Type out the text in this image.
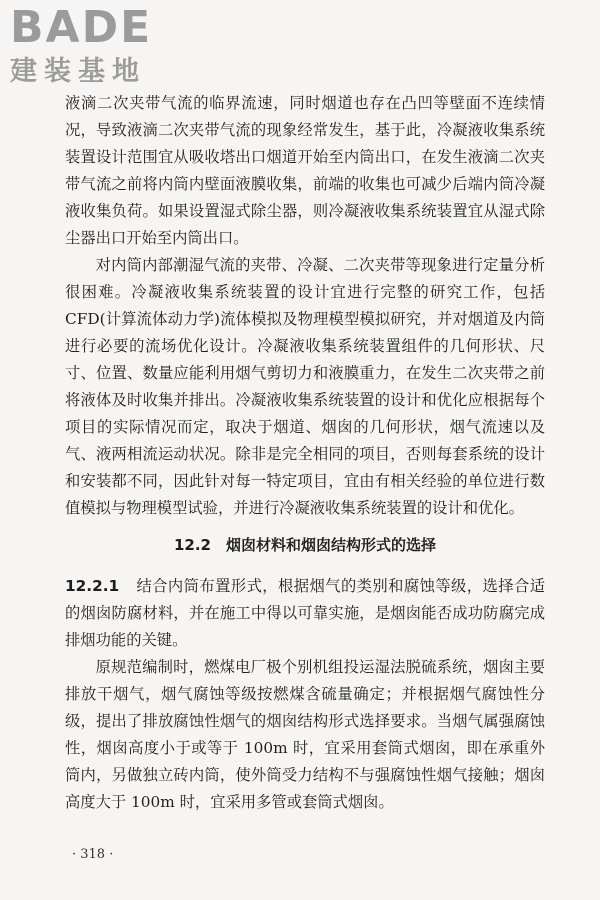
BADE
建装基地

液滴二次夹带气流的临界流速，同时烟道也存在凸凹等壁面不连续情况，导致液滴二次夹带气流的现象经常发生，基于此，冷凝液收集系统装置设计范围宜从吸收塔出口烟道开始至内筒出口，在发生液滴二次夹带气流之前将内筒内壁面液膜收集，前端的收集也可减少后端内筒冷凝液收集负荷。如果设置湿式除尘器，则冷凝液收集系统装置宜从湿式除尘器出口开始至内筒出口。

对内筒内部潮湿气流的夹带、冷凝、二次夹带等现象进行定量分析很困难。冷凝液收集系统装置的设计宜进行完整的研究工作，包括 CFD(计算流体动力学)流体模拟及物理模型模拟研究，并对烟道及内筒进行必要的流场优化设计。冷凝液收集系统装置组件的几何形状、尺寸、位置、数量应能利用烟气剪切力和液膜重力，在发生二次夹带之前将液体及时收集并排出。冷凝液收集系统装置的设计和优化应根据每个项目的实际情况而定，取决于烟道、烟囱的几何形状，烟气流速以及气、液两相流运动状况。除非是完全相同的项目，否则每套系统的设计和安装都不同，因此针对每一特定项目，宜由有相关经验的单位进行数值模拟与物理模型试验，并进行冷凝液收集系统装置的设计和优化。

12.2　烟囱材料和烟囱结构形式的选择

12.2.1 结合内筒布置形式，根据烟气的类别和腐蚀等级，选择合适的烟囱防腐材料，并在施工中得以可靠实施，是烟囱能否成功防腐完成排烟功能的关键。

原规范编制时，燃煤电厂极个别机组投运湿法脱硫系统，烟囱主要排放干烟气，烟气腐蚀等级按燃煤含硫量确定；并根据烟气腐蚀性分级，提出了排放腐蚀性烟气的烟囱结构形式选择要求。当烟气属强腐蚀性，烟囱高度小于或等于 100m 时，宜采用套筒式烟囱，即在承重外筒内，另做独立砖内筒，使外筒受力结构不与强腐蚀性烟气接触；烟囱高度大于 100m 时，宜采用多管或套筒式烟囱。

· 318 ·
